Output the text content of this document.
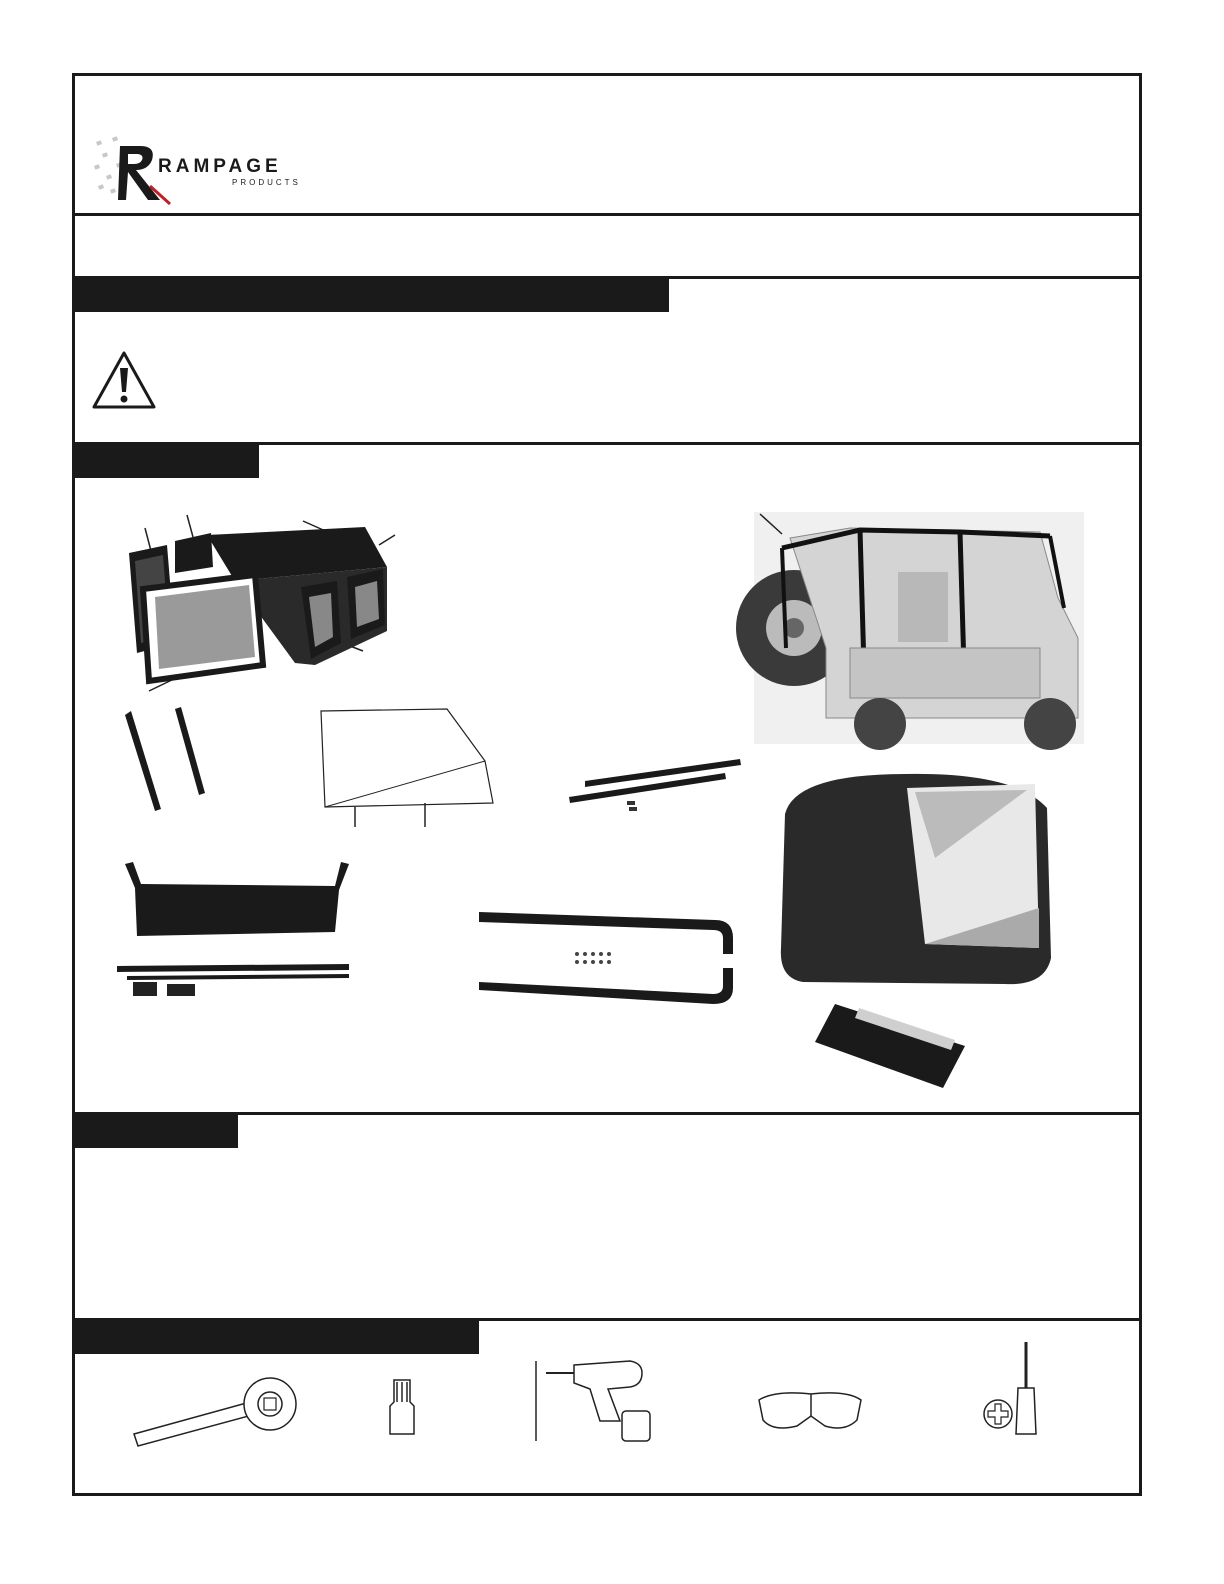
RAMPAGE
PRODUCTS
